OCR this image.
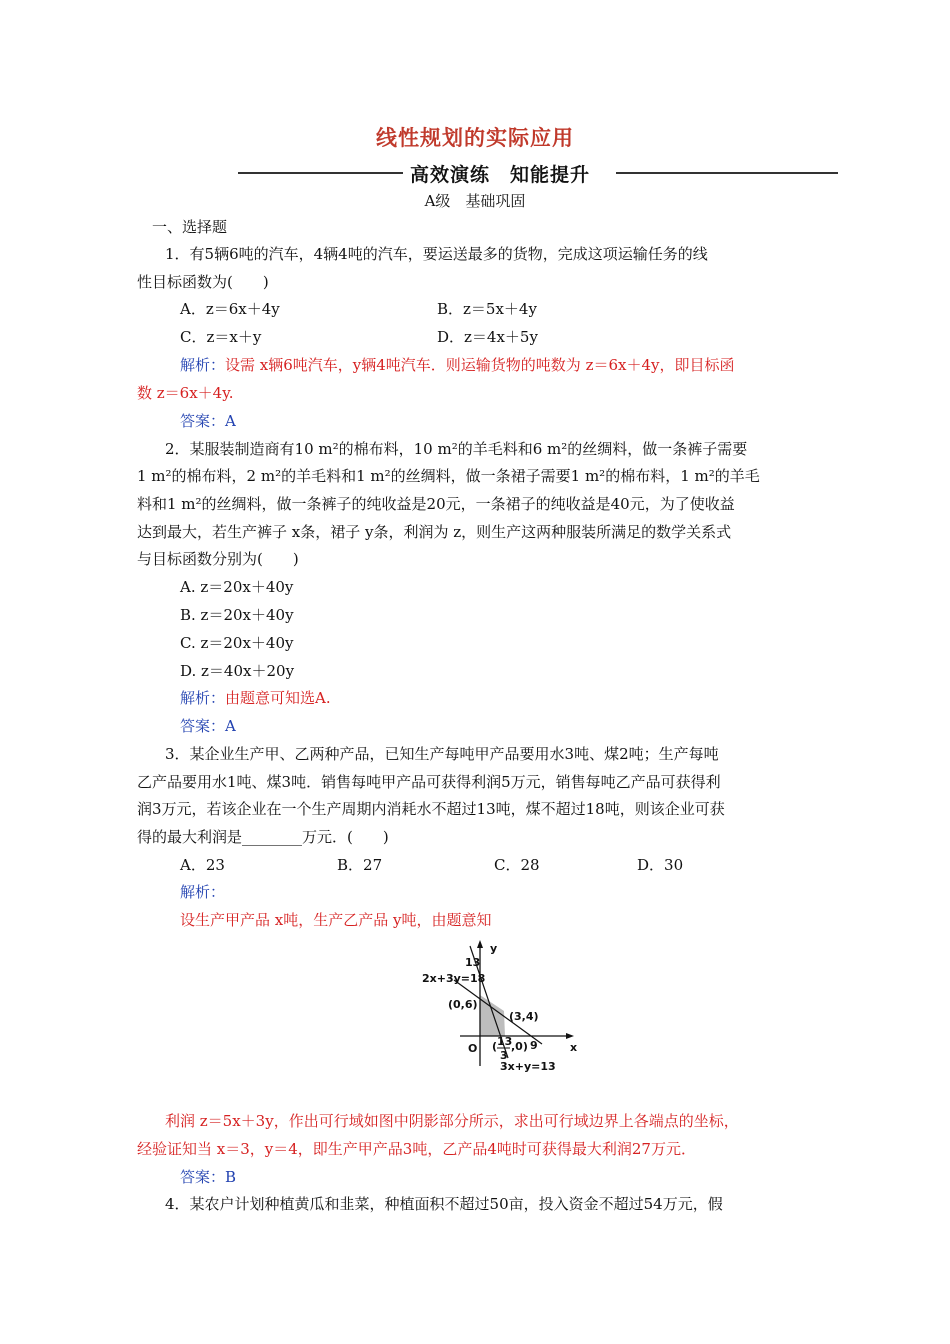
线性规划的实际应用
高效演练　知能提升
A级　基础巩固
一、选择题
1．有5辆6吨的汽车，4辆4吨的汽车，要运送最多的货物，完成这项运输任务的线
性目标函数为(　　)
A．z＝6x＋4y	B．z＝5x＋4y
C．z＝x＋y	D．z＝4x＋5y
解析：设需 x辆6吨汽车，y辆4吨汽车．则运输货物的吨数为 z＝6x＋4y，即目标函
数 z＝6x＋4y.
答案：A
2．某服装制造商有10 m²的棉布料，10 m²的羊毛料和6 m²的丝绸料，做一条裤子需要
1 m²的棉布料，2 m²的羊毛料和1 m²的丝绸料，做一条裙子需要1 m²的棉布料，1 m²的羊毛
料和1 m²的丝绸料，做一条裤子的纯收益是20元，一条裙子的纯收益是40元，为了使收益
达到最大，若生产裤子 x条，裙子 y条，利润为 z，则生产这两种服装所满足的数学关系式
与目标函数分别为(　　)
A. z＝20x＋40y
B. z＝20x＋40y
C. z＝20x＋40y
D. z＝40x＋20y
解析：由题意可知选A.
答案：A
3．某企业生产甲、乙两种产品，已知生产每吨甲产品要用水3吨、煤2吨；生产每吨
乙产品要用水1吨、煤3吨．销售每吨甲产品可获得利润5万元，销售每吨乙产品可获得利
润3万元，若该企业在一个生产周期内消耗水不超过13吨，煤不超过18吨，则该企业可获
得的最大利润是________万元．(　　)
A．23	B．27	C．28	D．30
解析：
设生产甲产品 x吨，生产乙产品 y吨，由题意知
y
x
O
13
2x+3y=18
(0,6)
(3,4)
9
( 13
3
,0)
3x+y=13
利润 z＝5x＋3y，作出可行域如图中阴影部分所示，求出可行域边界上各端点的坐标，
经验证知当 x＝3，y＝4，即生产甲产品3吨，乙产品4吨时可获得最大利润27万元．
答案：B
4．某农户计划种植黄瓜和韭菜，种植面积不超过50亩，投入资金不超过54万元，假
